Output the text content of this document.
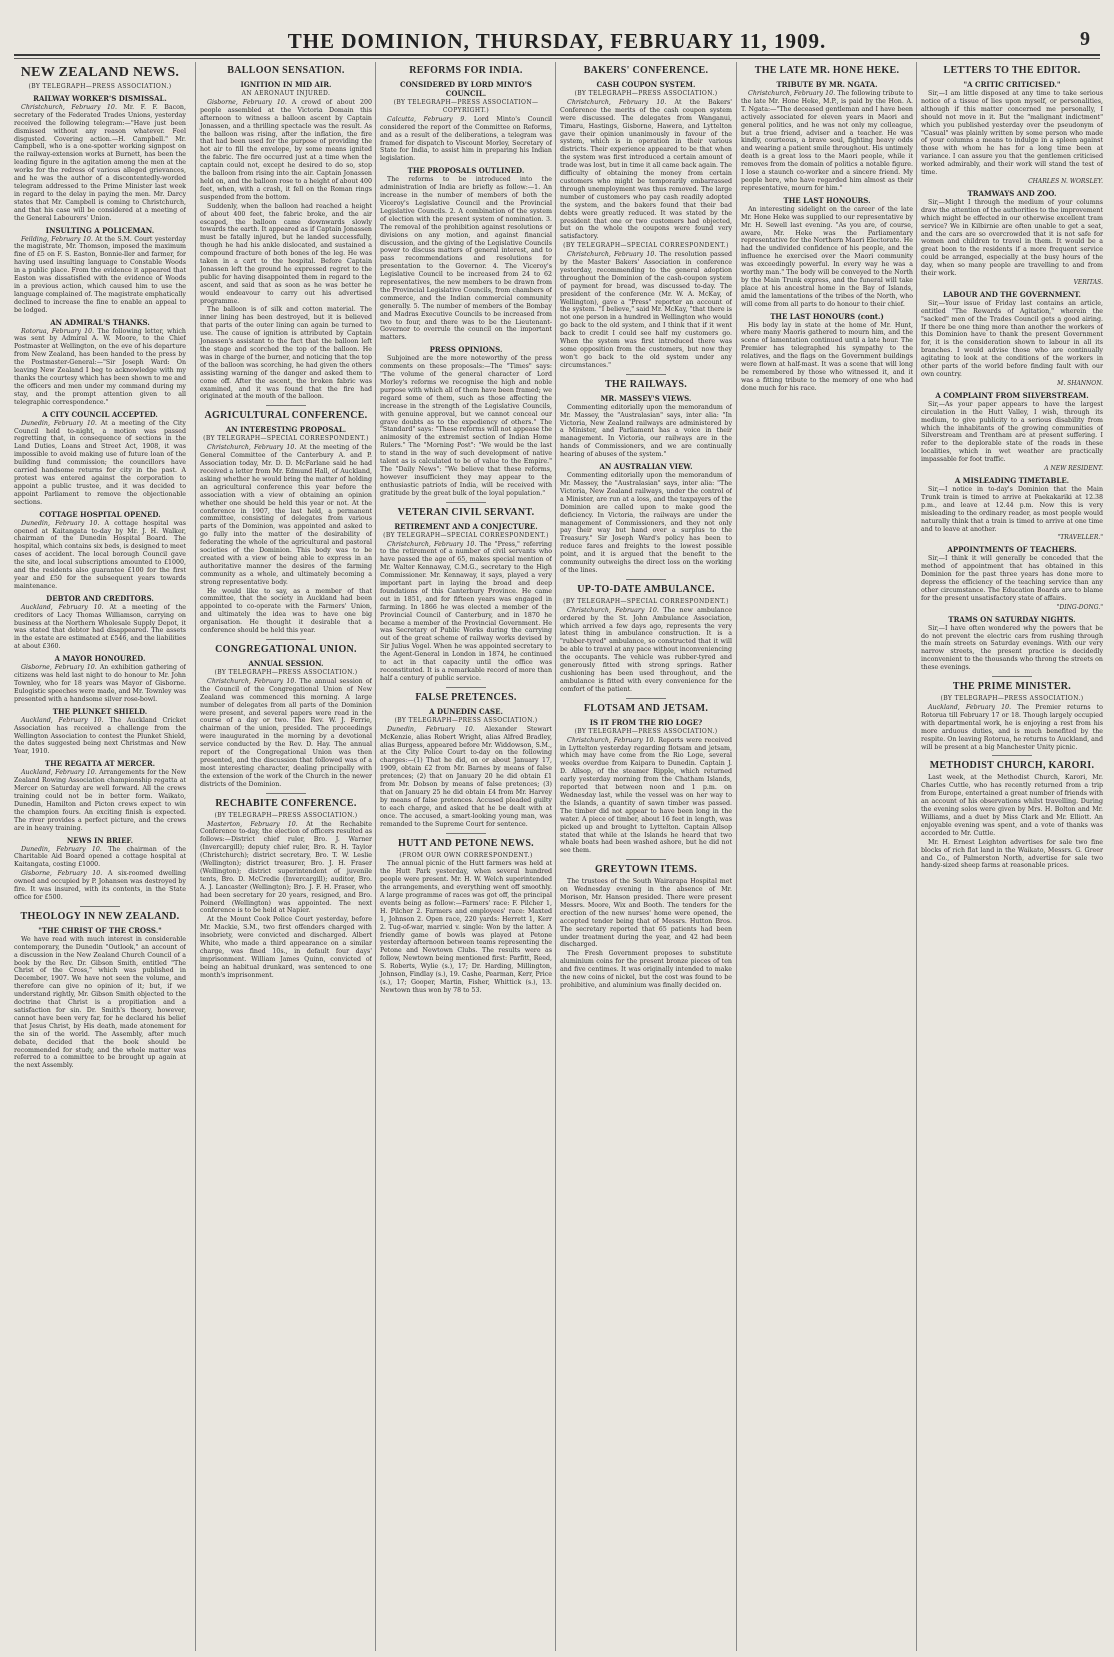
THE DOMINION, THURSDAY, FEBRUARY 11, 1909.	9
NEW ZEALAND NEWS.
(BY TELEGRAPH—PRESS ASSOCIATION.)
RAILWAY WORKER'S DISMISSAL.

Christchurch, February 10. Mr. F. F. Bacon, secretary of the Federated Trades Unions, yesterday received the following telegram:—"Have just been dismissed without any reason whatever. Feel disgusted. Covering action.—H. Campbell." Mr. Campbell, who is a one-spotter working signpost on the railway-extension works at Burnett, has been the leading figure in the agitation among the men at the works for the redress of various alleged grievances, and he was the author of a discontentedly-worded telegram addressed to the Prime Minister last week in regard to the delay in paying the men. Mr. Darcy states that Mr. Campbell is coming to Christchurch, and that his case will be considered at a meeting of the General Labourers' Union.

INSULTING A POLICEMAN.

Feilding, February 10. At the S.M. Court yesterday the magistrate, Mr. Thomson, imposed the maximum fine of £5 on F. S. Easton, Bonnie-ller and farmer, for having used insulting language to Constable Woods in a public place. From the evidence it appeared that Easton was dissatisfied with the evidence of Woods in a previous action, which caused him to use the language complained of. The magistrate emphatically declined to increase the fine to enable an appeal to be lodged.

AN ADMIRAL'S THANKS.

Rotorua, February 10. The following letter, which was sent by Admiral A. W. Moore, to the Chief Postmaster at Wellington, on the eve of his departure from New Zealand, has been handed to the press by the Postmaster-General:—"Sir Joseph Ward: On leaving New Zealand I beg to acknowledge with my thanks the courtesy which has been shown to me and the officers and men under my command during my stay, and the prompt attention given to all telegraphic correspondence."

A CITY COUNCIL ACCEPTED.

Dunedin, February 10. At a meeting of the City Council held to-night, a motion was passed regretting that, in consequence of sections in the Land Duties, Loans and Street Act, 1908, it was impossible to avoid making use of future loan of the building fund commission; the councillors have carried handsome returns for city in the past. A protest was entered against the corporation to appoint a public trustee, and it was decided to appoint Parliament to remove the objectionable sections.

COTTAGE HOSPITAL OPENED.

Dunedin, February 10. A cottage hospital was opened at Kaitangata to-day by Mr. J. H. Walker, chairman of the Dunedin Hospital Board. The hospital, which contains six beds, is designed to meet cases of accident. The local borough Council gave the site, and local subscriptions amounted to £1000, and the residents also guarantee £100 for the first year and £50 for the subsequent years towards maintenance.

DEBTOR AND CREDITORS.

Auckland, February 10. At a meeting of the creditors of Lacy Thomas Williamson, carrying on business at the Northern Wholesale Supply Depot, it was stated that debtor had disappeared. The assets in the estate are estimated at £546, and the liabilities at about £360.

A MAYOR HONOURED.

Gisborne, February 10. An exhibition gathering of citizens was held last night to do honour to Mr. John Townley, who for 18 years was Mayor of Gisborne. Eulogistic speeches were made, and Mr. Townley was presented with a handsome silver rose-bowl.

THE PLUNKET SHIELD.

Auckland, February 10. The Auckland Cricket Association has received a challenge from the Wellington Association to contest the Plunket Shield, the dates suggested being next Christmas and New Year, 1910.

THE REGATTA AT MERCER.

Auckland, February 10. Arrangements for the New Zealand Rowing Association championship regatta at Mercer on Saturday are well forward. All the crews training could not be in better form. Waikato, Dunedin, Hamilton and Picton crews expect to win the champion fours. An exciting finish is expected. The river provides a perfect picture, and the crews are in heavy training.

NEWS IN BRIEF.

Dunedin, February 10. The chairman of the Charitable Aid Board opened a cottage hospital at Kaitangata, costing £1000.

Gisborne, February 10. A six-roomed dwelling owned and occupied by P. Johansen was destroyed by fire. It was insured, with its contents, in the State office for £500.

THEOLOGY IN NEW ZEALAND.
"THE CHRIST OF THE CROSS."

We have read with much interest in considerable contemporary, the Dunedin "Outlook," an account of a discussion in the New Zealand Church Council of a book by the Rev. Dr. Gibson Smith, entitled "The Christ of the Cross," which was published in December, 1907. We have not seen the volume, and therefore can give no opinion of it; but, if we understand rightly, Mr. Gibson Smith objected to the doctrine that Christ is a propitiation and a satisfaction for sin. Dr. Smith's theory, however, cannot have been very far, for he declared his belief that Jesus Christ, by His death, made atonement for the sin of the world. The Assembly, after much debate, decided that the book should be recommended for study, and the whole matter was referred to a committee to be brought up again at the next Assembly.

BALLOON SENSATION.
IGNITION IN MID AIR.
AN AERONAUT INJURED.

Gisborne, February 10. A crowd of about 200 people assembled at the Victoria Domain this afternoon to witness a balloon ascent by Captain Jonassen, and a thrilling spectacle was the result. As the balloon was rising, after the inflation, the fire that had been used for the purpose of providing the hot air to fill the envelope, by some means ignited the fabric. The fire occurred just at a time when the captain could not, except he desired to do so, stop the balloon from rising into the air. Captain Jonassen held on, and the balloon rose to a height of about 400 feet, when, with a crash, it fell on the Roman rings suspended from the bottom.

Suddenly, when the balloon had reached a height of about 400 feet, the fabric broke, and the air escaped, the balloon came downwards slowly towards the earth. It appeared as if Captain Jonassen must be fatally injured, but he landed successfully, though he had his ankle dislocated, and sustained a compound fracture of both bones of the leg. He was taken in a cart to the hospital. Before Captain Jonassen left the ground he expressed regret to the public for having disappointed them in regard to the ascent, and said that as soon as he was better he would endeavour to carry out his advertised programme.

The balloon is of silk and cotton material. The inner lining has been destroyed, but it is believed that parts of the outer lining can again be turned to use. The cause of ignition is attributed by Captain Jonassen's assistant to the fact that the balloon left the stage and scorched the top of the balloon. He was in charge of the burner, and noticing that the top of the balloon was scorching, he had given the others assisting warning of the danger and asked them to come off. After the ascent, the broken fabric was examined, and it was found that the fire had originated at the mouth of the balloon.

AGRICULTURAL CONFERENCE.
AN INTERESTING PROPOSAL.
(BY TELEGRAPH—SPECIAL CORRESPONDENT.)

Christchurch, February 10. At the meeting of the General Committee of the Canterbury A. and P. Association today, Mr. D. D. McFarlane said he had received a letter from Mr. Edmund Hall, of Auckland, asking whether he would bring the matter of holding an agricultural conference this year before the association with a view of obtaining an opinion whether one should be held this year or not. At the conference in 1907, the last held, a permanent committee, consisting of delegates from various parts of the Dominion, was appointed and asked to go fully into the matter of the desirability of federating the whole of the agricultural and pastoral societies of the Dominion. This body was to be created with a view of being able to express in an authoritative manner the desires of the farming community as a whole, and ultimately becoming a strong representative body.

He would like to say, as a member of that committee, that the society in Auckland had been appointed to co-operate with the Farmers' Union, and ultimately the idea was to have one big organisation. He thought it desirable that a conference should be held this year.

CONGREGATIONAL UNION.
ANNUAL SESSION.
(BY TELEGRAPH—PRESS ASSOCIATION.)

Christchurch, February 10. The annual session of the Council of the Congregational Union of New Zealand was commenced this morning. A large number of delegates from all parts of the Dominion were present, and several papers were read in the course of a day or two. The Rev. W. J. Ferrie, chairman of the union, presided. The proceedings were inaugurated in the morning by a devotional service conducted by the Rev. D. Hay. The annual report of the Congregational Union was then presented, and the discussion that followed was of a most interesting character, dealing principally with the extension of the work of the Church in the newer districts of the Dominion.

RECHABITE CONFERENCE.
(BY TELEGRAPH—PRESS ASSOCIATION.)

Masterton, February 10. At the Rechabite Conference to-day, the election of officers resulted as follows:—District chief ruler, Bro. J. Warner (Invercargill); deputy chief ruler, Bro. R. H. Taylor (Christchurch); district secretary, Bro. T. W. Leslie (Wellington); district treasurer, Bro. J. H. Fraser (Wellington); district superintendent of juvenile tents, Bro. D. McCredie (Invercargill); auditor, Bro. A. J. Lancaster (Wellington); Bro. J. F. H. Fraser, who had been secretary for 20 years, resigned, and Bro. Poinerd (Wellington) was appointed. The next conference is to be held at Napier.

At the Mount Cook Police Court yesterday, before Mr. Mackie, S.M., two first offenders charged with insobriety, were convicted and discharged. Albert White, who made a third appearance on a similar charge, was fined 10s., in default four days' imprisonment. William James Quinn, convicted of being an habitual drunkard, was sentenced to one month's imprisonment.

REFORMS FOR INDIA.
CONSIDERED BY LORD MINTO'S COUNCIL.
(BY TELEGRAPH—PRESS ASSOCIATION—COPYRIGHT.)

Calcutta, February 9. Lord Minto's Council considered the report of the Committee on Reforms, and as a result of the deliberations, a telegram was framed for dispatch to Viscount Morley, Secretary of State for India, to assist him in preparing his Indian legislation.

THE PROPOSALS OUTLINED.

The reforms to be introduced into the administration of India are briefly as follow:—1. An increase in the number of members of both the Viceroy's Legislative Council and the Provincial Legislative Councils. 2. A combination of the system of election with the present system of nomination. 3. The removal of the prohibition against resolutions or divisions on any motion, and against financial discussion, and the giving of the Legislative Councils power to discuss matters of general interest, and to pass recommendations and resolutions for presentation to the Governor. 4. The Viceroy's Legislative Council to be increased from 24 to 62 representatives, the new members to be drawn from the Provincial Legislative Councils, from chambers of commerce, and the Indian commercial community generally. 5. The number of members of the Bombay and Madras Executive Councils to be increased from two to four, and there was to be the Lieutenant-Governor to overrule the council on the important matters.

PRESS OPINIONS.

Subjoined are the more noteworthy of the press comments on these proposals:—The "Times" says: "The volume of the general character of Lord Morley's reforms we recognise the high and noble purpose with which all of them have been framed; we regard some of them, such as those affecting the increase in the strength of the Legislative Councils, with genuine approval, but we cannot conceal our grave doubts as to the expediency of others." The "Standard" says: "These reforms will not appease the animosity of the extremist section of Indian Home Rulers." The "Morning Post": "We would be the last to stand in the way of such development of native talent as is calculated to be of value to the Empire." The "Daily News": "We believe that these reforms, however insufficient they may appear to the enthusiastic patriots of India, will be received with gratitude by the great bulk of the loyal population."

VETERAN CIVIL SERVANT.
RETIREMENT AND A CONJECTURE.
(BY TELEGRAPH—SPECIAL CORRESPONDENT.)

Christchurch, February 10. The "Press," referring to the retirement of a number of civil servants who have passed the age of 65, makes special mention of Mr. Walter Kennaway, C.M.G., secretary to the High Commissioner. Mr. Kennaway, it says, played a very important part in laying the broad and deep foundations of this Canterbury Province. He came out in 1851, and for fifteen years was engaged in farming. In 1866 he was elected a member of the Provincial Council of Canterbury, and in 1870 he became a member of the Provincial Government. He was Secretary of Public Works during the carrying out of the great scheme of railway works devised by Sir Julius Vogel. When he was appointed secretary to the Agent-General in London in 1874, he continued to act in that capacity until the office was reconstituted. It is a remarkable record of more than half a century of public service.

FALSE PRETENCES.
A DUNEDIN CASE.
(BY TELEGRAPH—PRESS ASSOCIATION.)

Dunedin, February 10. Alexander Stewart McKenzie, alias Robert Wright, alias Alfred Bradley, alias Burgess, appeared before Mr. Widdowson, S.M., at the City Police Court to-day on the following charges:—(1) That he did, on or about January 17, 1909, obtain £2 from Mr. Barnes by means of false pretences; (2) that on January 20 he did obtain £1 from Mr. Dobson by means of false pretences; (3) that on January 25 he did obtain £4 from Mr. Harvey by means of false pretences. Accused pleaded guilty to each charge, and asked that he be dealt with at once. The accused, a smart-looking young man, was remanded to the Supreme Court for sentence.

HUTT AND PETONE NEWS.
(FROM OUR OWN CORRESPONDENT.)

The annual picnic of the Hutt farmers was held at the Hutt Park yesterday, when several hundred people were present. Mr. H. W. Welch superintended the arrangements, and everything went off smoothly. A large programme of races was got off, the principal events being as follow:—Farmers' race: F. Pilcher 1, H. Pilcher 2. Farmers and employees' race: Maxted 1, Johnson 2. Open race, 220 yards: Herrett 1, Kerr 2. Tug-of-war, married v. single: Won by the latter. A friendly game of bowls was played at Petone yesterday afternoon between teams representing the Petone and Newtown Clubs. The results were as follow, Newtown being mentioned first: Parfitt, Reed, S. Roberts, Wylie (s.), 17; Dr. Harding, Millington, Johnson, Findlay (s.), 19. Cashe, Pearman, Kerr, Price (s.), 17; Gooper, Martin, Fisher, Whittick (s.), 13. Newtown thus won by 78 to 53.

BAKERS' CONFERENCE.
CASH COUPON SYSTEM.
(BY TELEGRAPH—PRESS ASSOCIATION.)

Christchurch, February 10. At the Bakers' Conference the merits of the cash coupon system were discussed. The delegates from Wanganui, Timaru, Hastings, Gisborne, Hawera, and Lyttelton gave their opinion unanimously in favour of the system, which is in operation in their various districts. Their experience appeared to be that when the system was first introduced a certain amount of trade was lost, but in time it all came back again. The difficulty of obtaining the money from certain customers who might be temporarily embarrassed through unemployment was thus removed. The large number of customers who pay cash readily adopted the system, and the bakers found that their bad debts were greatly reduced. It was stated by the president that one or two customers had objected, but on the whole the coupons were found very satisfactory.

(BY TELEGRAPH—SPECIAL CORRESPONDENT.)

Christchurch, February 10. The resolution passed by the Master Bakers' Association in conference yesterday, recommending to the general adoption throughout the Dominion of the cash-coupon system of payment for bread, was discussed to-day. The president of the conference (Mr. W. A. McKay, of Wellington), gave a "Press" reporter an account of the system. "I believe," said Mr. McKay, "that there is not one person in a hundred in Wellington who would go back to the old system, and I think that if it went back to credit I could see half my customers go. When the system was first introduced there was some opposition from the customers, but now they won't go back to the old system under any circumstances."

THE RAILWAYS.
MR. MASSEY'S VIEWS.

Commenting editorially upon the memorandum of Mr. Massey, the "Australasian" says, inter alia: "In Victoria, New Zealand railways are administered by a Minister, and Parliament has a voice in their management. In Victoria, our railways are in the hands of Commissioners, and we are continually hearing of abuses of the system."

AN AUSTRALIAN VIEW.

Commenting editorially upon the memorandum of Mr. Massey, the "Australasian" says, inter alia: "The Victoria, New Zealand railways, under the control of a Minister, are run at a loss, and the taxpayers of the Dominion are called upon to make good the deficiency. In Victoria, the railways are under the management of Commissioners, and they not only pay their way but hand over a surplus to the Treasury." Sir Joseph Ward's policy has been to reduce fares and freights to the lowest possible point, and it is argued that the benefit to the community outweighs the direct loss on the working of the lines.

UP-TO-DATE AMBULANCE.
(BY TELEGRAPH—SPECIAL CORRESPONDENT.)

Christchurch, February 10. The new ambulance ordered by the St. John Ambulance Association, which arrived a few days ago, represents the very latest thing in ambulance construction. It is a "rubber-tyred" ambulance, so constructed that it will be able to travel at any pace without inconveniencing the occupants. The vehicle was rubber-tyred and generously fitted with strong springs. Rather cushioning has been used throughout, and the ambulance is fitted with every convenience for the comfort of the patient.

FLOTSAM AND JETSAM.
IS IT FROM THE RIO LOGE?
(BY TELEGRAPH—PRESS ASSOCIATION.)

Christchurch, February 10. Reports were received in Lyttelton yesterday regarding flotsam and jetsam, which may have come from the Rio Loge, several weeks overdue from Kaipara to Dunedin. Captain J. D. Allsop, of the steamer Ripple, which returned early yesterday morning from the Chatham Islands, reported that between noon and 1 p.m. on Wednesday last, while the vessel was on her way to the Islands, a quantity of sawn timber was passed. The timber did not appear to have been long in the water. A piece of timber, about 16 feet in length, was picked up and brought to Lyttelton. Captain Allsop stated that while at the Islands he heard that two whale boats had been washed ashore, but he did not see them.

GREYTOWN ITEMS.

The trustees of the South Wairarapa Hospital met on Wednesday evening in the absence of Mr. Morison, Mr. Hanson presided. There were present Messrs. Moore, Wix and Booth. The tenders for the erection of the new nurses' home were opened, the accepted tender being that of Messrs. Hutton Bros. The secretary reported that 65 patients had been under treatment during the year, and 42 had been discharged.

The Fresh Government proposes to substitute aluminium coins for the present bronze pieces of ten and five centimes. It was originally intended to make the new coins of nickel, but the cost was found to be prohibitive, and aluminium was finally decided on.

THE LATE MR. HONE HEKE.
TRIBUTE BY MR. NGATA.

Christchurch, February 10. The following tribute to the late Mr. Hone Heke, M.P., is paid by the Hon. A. T. Ngata:—"The deceased gentleman and I have been actively associated for eleven years in Maori and general politics, and he was not only my colleague, but a true friend, adviser and a teacher. He was kindly, courteous, a brave soul, fighting heavy odds and wearing a patient smile throughout. His untimely death is a great loss to the Maori people, while it removes from the domain of politics a notable figure. I lose a staunch co-worker and a sincere friend. My people here, who have regarded him almost as their representative, mourn for him."

THE LAST HONOURS.

An interesting sidelight on the career of the late Mr. Hone Heke was supplied to our representative by Mr. H. Sewell last evening. "As you are, of course, aware, Mr. Heke was the Parliamentary representative for the Northern Maori Electorate. He had the undivided confidence of his people, and the influence he exercised over the Maori community was exceedingly powerful. In every way he was a worthy man." The body will be conveyed to the North by the Main Trunk express, and the funeral will take place at his ancestral home in the Bay of Islands, amid the lamentations of the tribes of the North, who will come from all parts to do honour to their chief.

THE LAST HONOURS (cont.)

His body lay in state at the home of Mr. Hunt, where many Maoris gathered to mourn him, and the scene of lamentation continued until a late hour. The Premier has telegraphed his sympathy to the relatives, and the flags on the Government buildings were flown at half-mast. It was a scene that will long be remembered by those who witnessed it, and it was a fitting tribute to the memory of one who had done much for his race.

LETTERS TO THE EDITOR.
"A CRITIC CRITICISED."

Sir,—I am little disposed at any time to take serious notice of a tissue of lies upon myself, or personalities, although if this matter concerned me personally, I should not move in it. But the "malignant indictment" which you published yesterday over the pseudonym of "Casual" was plainly written by some person who made of your columns a means to indulge in a spleen against those with whom he has for a long time been at variance. I can assure you that the gentlemen criticised worked admirably, and their work will stand the test of time.

CHARLES N. WORSLEY.
TRAMWAYS AND ZOO.

Sir,—Might I through the medium of your columns draw the attention of the authorities to the improvement which might be effected in our otherwise excellent tram service? We in Kilbirnie are often unable to get a seat, and the cars are so overcrowded that it is not safe for women and children to travel in them. It would be a great boon to the residents if a more frequent service could be arranged, especially at the busy hours of the day, when so many people are travelling to and from their work.

VERITAS.
LABOUR AND THE GOVERNMENT.

Sir,—Your issue of Friday last contains an article, entitled "The Rewards of Agitation," wherein the "sacked" men of the Trades Council gets a good airing. If there be one thing more than another the workers of this Dominion have to thank the present Government for, it is the consideration shown to labour in all its branches. I would advise those who are continually agitating to look at the conditions of the workers in other parts of the world before finding fault with our own country.

M. SHANNON.
A COMPLAINT FROM SILVERSTREAM.

Sir,—As your paper appears to have the largest circulation in the Hutt Valley, I wish, through its medium, to give publicity to a serious disability from which the inhabitants of the growing communities of Silverstream and Trentham are at present suffering. I refer to the deplorable state of the roads in these localities, which in wet weather are practically impassable for foot traffic.

A NEW RESIDENT.
A MISLEADING TIMETABLE.

Sir,—I notice in to-day's Dominion that the Main Trunk train is timed to arrive at Paekakariki at 12.38 p.m., and leave at 12.44 p.m. Now this is very misleading to the ordinary reader, as most people would naturally think that a train is timed to arrive at one time and to leave at another.

"TRAVELLER."
APPOINTMENTS OF TEACHERS.

Sir,—I think it will generally be conceded that the method of appointment that has obtained in this Dominion for the past three years has done more to depress the efficiency of the teaching service than any other circumstance. The Education Boards are to blame for the present unsatisfactory state of affairs.

"DING-DONG."
TRAMS ON SATURDAY NIGHTS.

Sir,—I have often wondered why the powers that be do not prevent the electric cars from rushing through the main streets on Saturday evenings. With our very narrow streets, the present practice is decidedly inconvenient to the thousands who throng the streets on these evenings.

THE PRIME MINISTER.
(BY TELEGRAPH—PRESS ASSOCIATION.)

Auckland, February 10. The Premier returns to Rotorua till February 17 or 18. Though largely occupied with departmental work, he is enjoying a rest from his more arduous duties, and is much benefited by the respite. On leaving Rotorua, he returns to Auckland, and will be present at a big Manchester Unity picnic.

METHODIST CHURCH, KARORI.

Last week, at the Methodist Church, Karori, Mr. Charles Cuttle, who has recently returned from a trip from Europe, entertained a great number of friends with an account of his observations whilst travelling. During the evening solos were given by Mrs. H. Bolton and Mr. Williams, and a duet by Miss Clark and Mr. Elliott. An enjoyable evening was spent, and a vote of thanks was accorded to Mr. Cuttle.

Mr. H. Ernest Leighton advertises for sale two fine blocks of rich flat land in the Waikato, Messrs. G. Greer and Co., of Palmerston North, advertise for sale two handy-sized sheep farms at reasonable prices.
